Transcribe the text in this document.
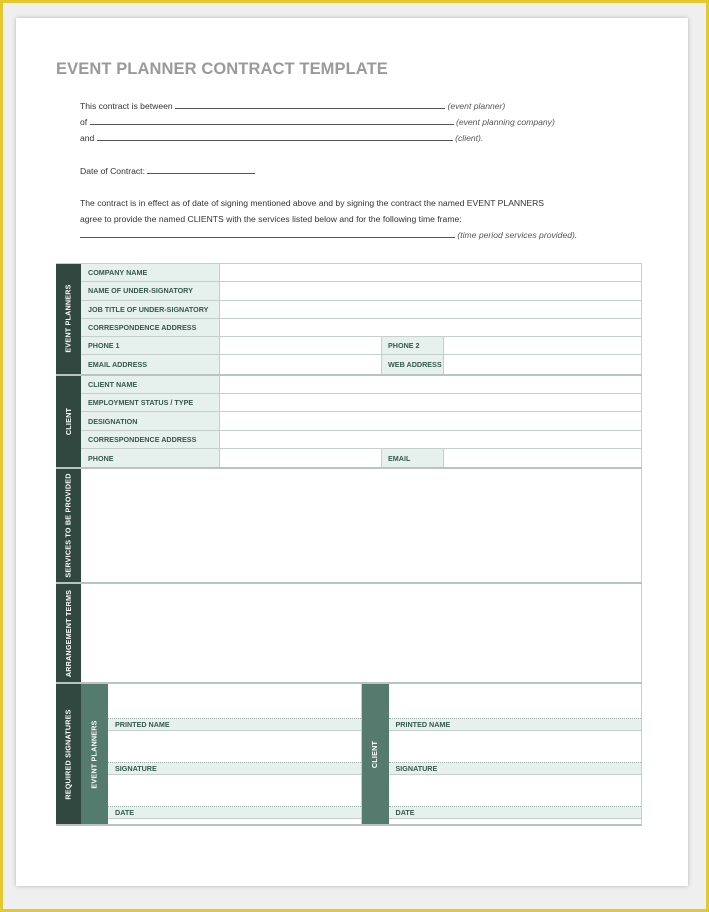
EVENT PLANNER CONTRACT TEMPLATE
This contract is between	(event planner)
of	(event planning company)
and	(client).
Date of Contract:
The contract is in effect as of date of signing mentioned above and by signing the contract the named EVENT PLANNERS
agree to provide the named CLIENTS with the services listed below and for the following time frame:
(time period services provided).
EVENT PLANNERS
COMPANY NAME
NAME OF UNDER-SIGNATORY
JOB TITLE OF UNDER-SIGNATORY
CORRESPONDENCE ADDRESS
PHONE 1	PHONE 2
EMAIL ADDRESS	WEB ADDRESS
CLIENT
CLIENT NAME
EMPLOYMENT STATUS / TYPE
DESIGNATION
CORRESPONDENCE ADDRESS
PHONE	EMAIL
SERVICES TO BE PROVIDED
ARRANGEMENT TERMS
REQUIRED SIGNATURES EVENT PLANNERS	PRINTED NAME
SIGNATURE
DATE
CLIENT
PRINTED NAME
SIGNATURE
DATE
